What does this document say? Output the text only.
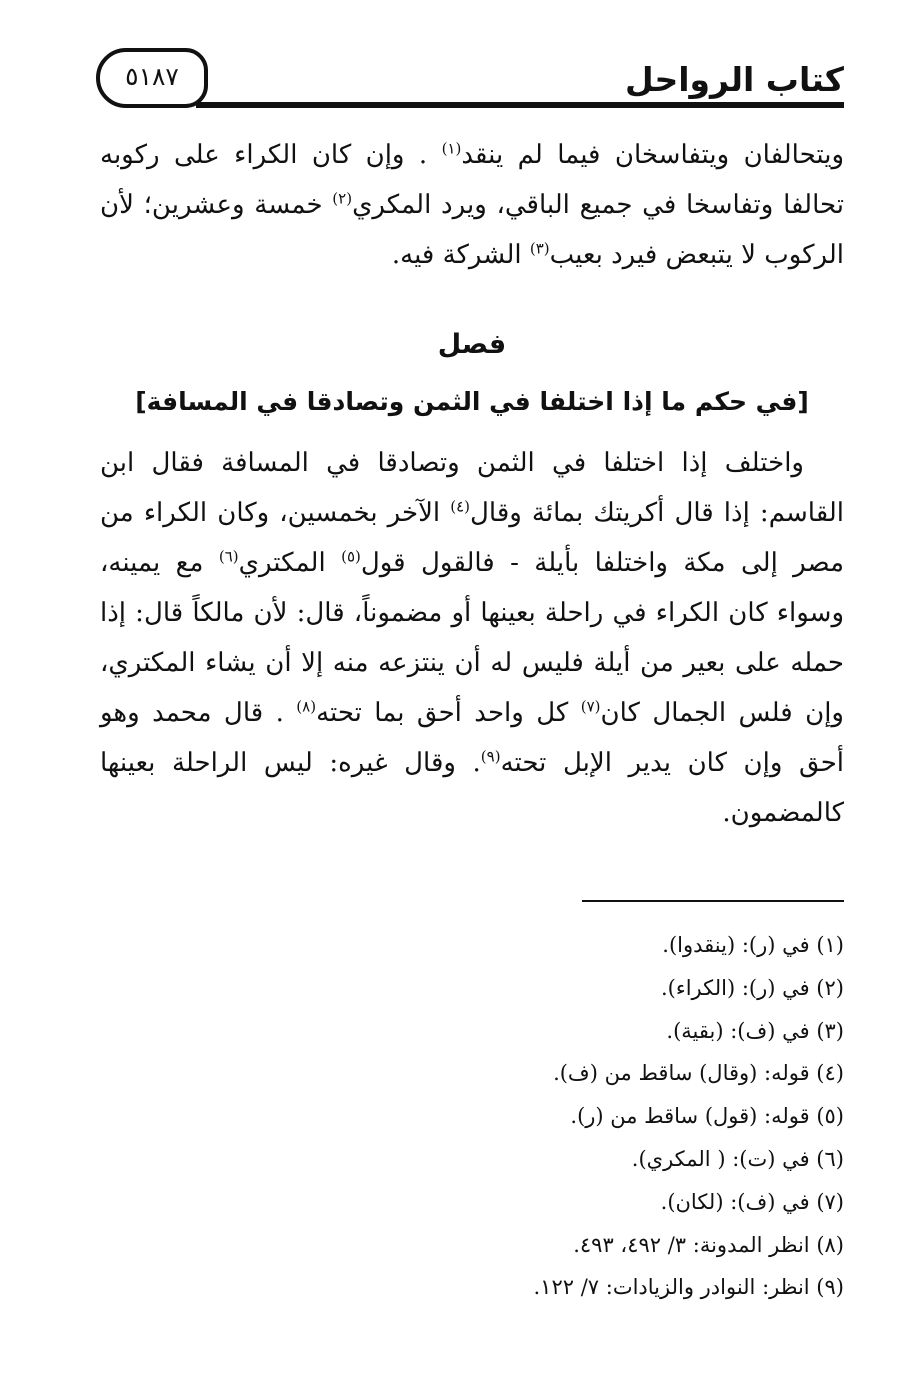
كتاب الرواحل
٥١٨٧
ويتحالفان ويتفاسخان فيما لم ينقد$^{(١)}$ . وإن كان الكراء على ركوبه تحالفا وتفاسخا في جميع الباقي، ويرد المكري$^{(٢)}$ خمسة وعشرين؛ لأن الركوب لا يتبعض فيرد بعيب$^{(٣)}$ الشركة فيه.
فصل
[في حكم ما إذا اختلفا في الثمن وتصادقا في المسافة]
واختلف إذا اختلفا في الثمن وتصادقا في المسافة فقال ابن القاسم: إذا قال أكريتك بمائة وقال$^{(٤)}$ الآخر بخمسين، وكان الكراء من مصر إلى مكة واختلفا بأيلة - فالقول قول$^{(٥)}$ المكتري$^{(٦)}$ مع يمينه، وسواء كان الكراء في راحلة بعينها أو مضموناً، قال: لأن مالكاً قال: إذا حمله على بعير من أيلة فليس له أن ينتزعه منه إلا أن يشاء المكتري، وإن فلس الجمال كان$^{(٧)}$ كل واحد أحق بما تحته$^{(٨)}$ . قال محمد وهو أحق وإن كان يدير الإبل تحته$^{(٩)}$. وقال غيره: ليس الراحلة بعينها كالمضمون.
(١) في (ر): (ينقدوا).
(٢) في (ر): (الكراء).
(٣) في (ف): (بقية).
(٤) قوله: (وقال) ساقط من (ف).
(٥) قوله: (قول) ساقط من (ر).
(٦) في (ت): ( المكري).
(٧) في (ف): (لكان).
(٨) انظر المدونة: ٣/ ٤٩٢، ٤٩٣.
(٩) انظر: النوادر والزيادات: ٧/ ١٢٢.
